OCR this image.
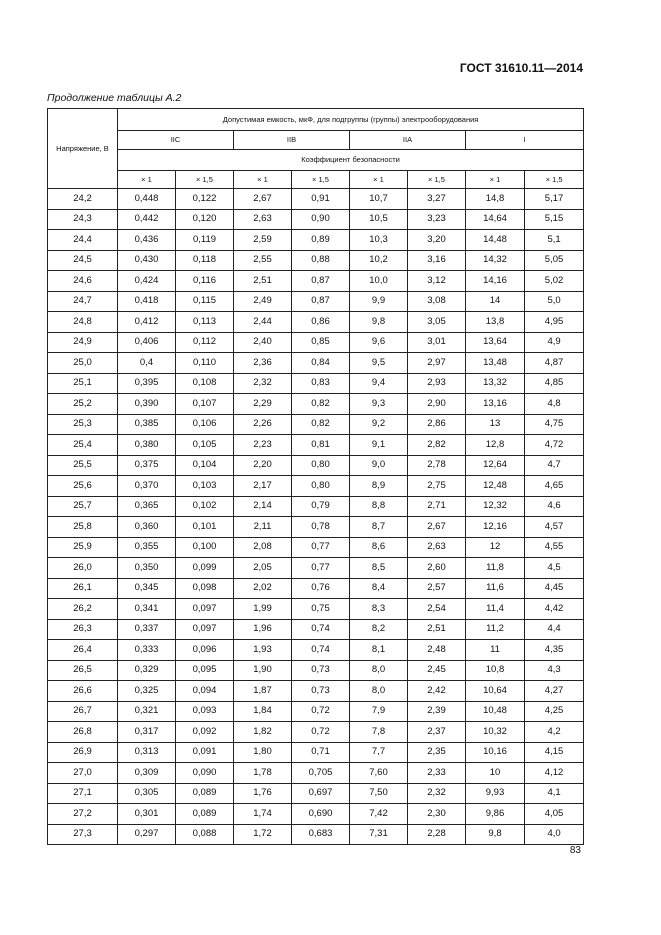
ГОСТ 31610.11—2014
Продолжение таблицы А.2
Напряжение, В	Допустимая емкость, мкФ, для подгруппы (группы) электрооборудования							
	IIC		IIB		IIA		I	
	Коэффициент безопасности							
	× 1	× 1,5	× 1	× 1,5	× 1	× 1,5	× 1	× 1,5
24,2	0,448	0,122	2,67	0,91	10,7	3,27	14,8	5,17
24,3	0,442	0,120	2,63	0,90	10,5	3,23	14,64	5,15
24,4	0,436	0,119	2,59	0,89	10,3	3,20	14,48	5,1
24,5	0,430	0,118	2,55	0,88	10,2	3,16	14,32	5,05
24,6	0,424	0,116	2,51	0,87	10,0	3,12	14,16	5,02
24,7	0,418	0,115	2,49	0,87	9,9	3,08	14	5,0
24,8	0,412	0,113	2,44	0,86	9,8	3,05	13,8	4,95
24,9	0,406	0,112	2,40	0,85	9,6	3,01	13,64	4,9
25,0	0,4	0,110	2,36	0,84	9,5	2,97	13,48	4,87
25,1	0,395	0,108	2,32	0,83	9,4	2,93	13,32	4,85
25,2	0,390	0,107	2,29	0,82	9,3	2,90	13,16	4,8
25,3	0,385	0,106	2,26	0,82	9,2	2,86	13	4,75
25,4	0,380	0,105	2,23	0,81	9,1	2,82	12,8	4,72
25,5	0,375	0,104	2,20	0,80	9,0	2,78	12,64	4,7
25,6	0,370	0,103	2,17	0,80	8,9	2,75	12,48	4,65
25,7	0,365	0,102	2,14	0,79	8,8	2,71	12,32	4,6
25,8	0,360	0,101	2,11	0,78	8,7	2,67	12,16	4,57
25,9	0,355	0,100	2,08	0,77	8,6	2,63	12	4,55
26,0	0,350	0,099	2,05	0,77	8,5	2,60	11,8	4,5
26,1	0,345	0,098	2,02	0,76	8,4	2,57	11,6	4,45
26,2	0,341	0,097	1,99	0,75	8,3	2,54	11,4	4,42
26,3	0,337	0,097	1,96	0,74	8,2	2,51	11,2	4,4
26,4	0,333	0,096	1,93	0,74	8,1	2,48	11	4,35
26,5	0,329	0,095	1,90	0,73	8,0	2,45	10,8	4,3
26,6	0,325	0,094	1,87	0,73	8,0	2,42	10,64	4,27
26,7	0,321	0,093	1,84	0,72	7,9	2,39	10,48	4,25
26,8	0,317	0,092	1,82	0,72	7,8	2,37	10,32	4,2
26,9	0,313	0,091	1,80	0,71	7,7	2,35	10,16	4,15
27,0	0,309	0,090	1,78	0,705	7,60	2,33	10	4,12
27,1	0,305	0,089	1,76	0,697	7,50	2,32	9,93	4,1
27,2	0,301	0,089	1,74	0,690	7,42	2,30	9,86	4,05
27,3	0,297	0,088	1,72	0,683	7,31	2,28	9,8	4,0
83
